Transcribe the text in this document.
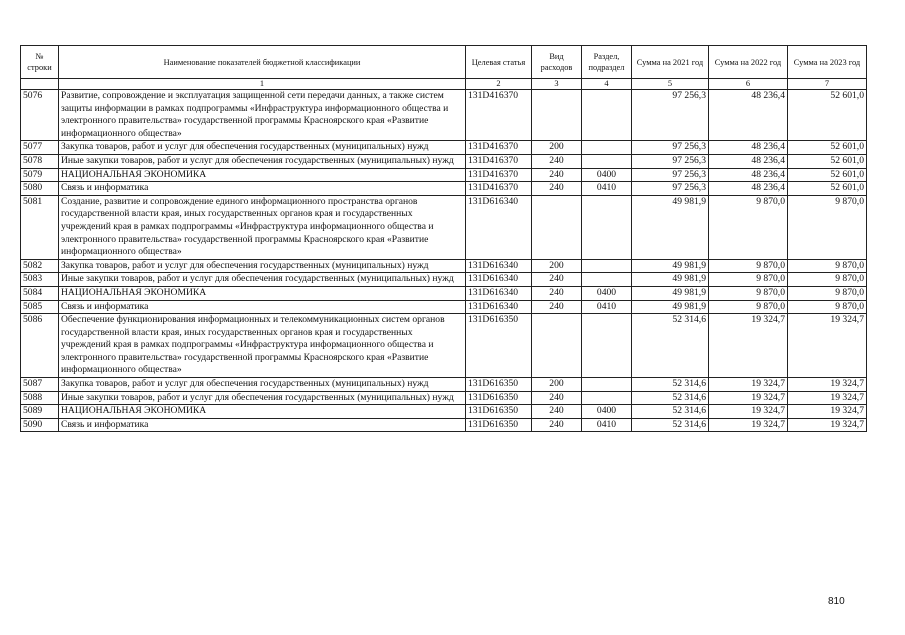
№ строки	Наименование показателей бюджетной классификации	Целевая статья	Вид расходов	Раздел, подраздел	Сумма на 2021 год	Сумма на 2022 год	Сумма на 2023 год
	1	2	3	4	5	6	7
5076	Развитие, сопровождение и эксплуатация защищенной сети передачи данных, а также систем защиты информации в рамках подпрограммы «Инфраструктура информационного общества и электронного правительства» государственной программы Красноярского края «Развитие информационного общества»	131D416370			97 256,3	48 236,4	52 601,0
5077	Закупка товаров, работ и услуг для обеспечения государственных (муниципальных) нужд	131D416370	200		97 256,3	48 236,4	52 601,0
5078	Иные закупки товаров, работ и услуг для обеспечения государственных (муниципальных) нужд	131D416370	240		97 256,3	48 236,4	52 601,0
5079	НАЦИОНАЛЬНАЯ ЭКОНОМИКА	131D416370	240	0400	97 256,3	48 236,4	52 601,0
5080	Связь и информатика	131D416370	240	0410	97 256,3	48 236,4	52 601,0
5081	Создание, развитие и сопровождение единого информационного пространства органов государственной власти края, иных государственных органов края и государственных учреждений края в рамках подпрограммы «Инфраструктура информационного общества и электронного правительства» государственной программы Красноярского края «Развитие информационного общества»	131D616340			49 981,9	9 870,0	9 870,0
5082	Закупка товаров, работ и услуг для обеспечения государственных (муниципальных) нужд	131D616340	200		49 981,9	9 870,0	9 870,0
5083	Иные закупки товаров, работ и услуг для обеспечения государственных (муниципальных) нужд	131D616340	240		49 981,9	9 870,0	9 870,0
5084	НАЦИОНАЛЬНАЯ ЭКОНОМИКА	131D616340	240	0400	49 981,9	9 870,0	9 870,0
5085	Связь и информатика	131D616340	240	0410	49 981,9	9 870,0	9 870,0
5086	Обеспечение функционирования информационных и телекоммуникационных систем органов государственной власти края, иных государственных органов края и государственных учреждений края в рамках подпрограммы «Инфраструктура информационного общества и электронного правительства» государственной программы Красноярского края «Развитие информационного общества»	131D616350			52 314,6	19 324,7	19 324,7
5087	Закупка товаров, работ и услуг для обеспечения государственных (муниципальных) нужд	131D616350	200		52 314,6	19 324,7	19 324,7
5088	Иные закупки товаров, работ и услуг для обеспечения государственных (муниципальных) нужд	131D616350	240		52 314,6	19 324,7	19 324,7
5089	НАЦИОНАЛЬНАЯ ЭКОНОМИКА	131D616350	240	0400	52 314,6	19 324,7	19 324,7
5090	Связь и информатика	131D616350	240	0410	52 314,6	19 324,7	19 324,7
810
